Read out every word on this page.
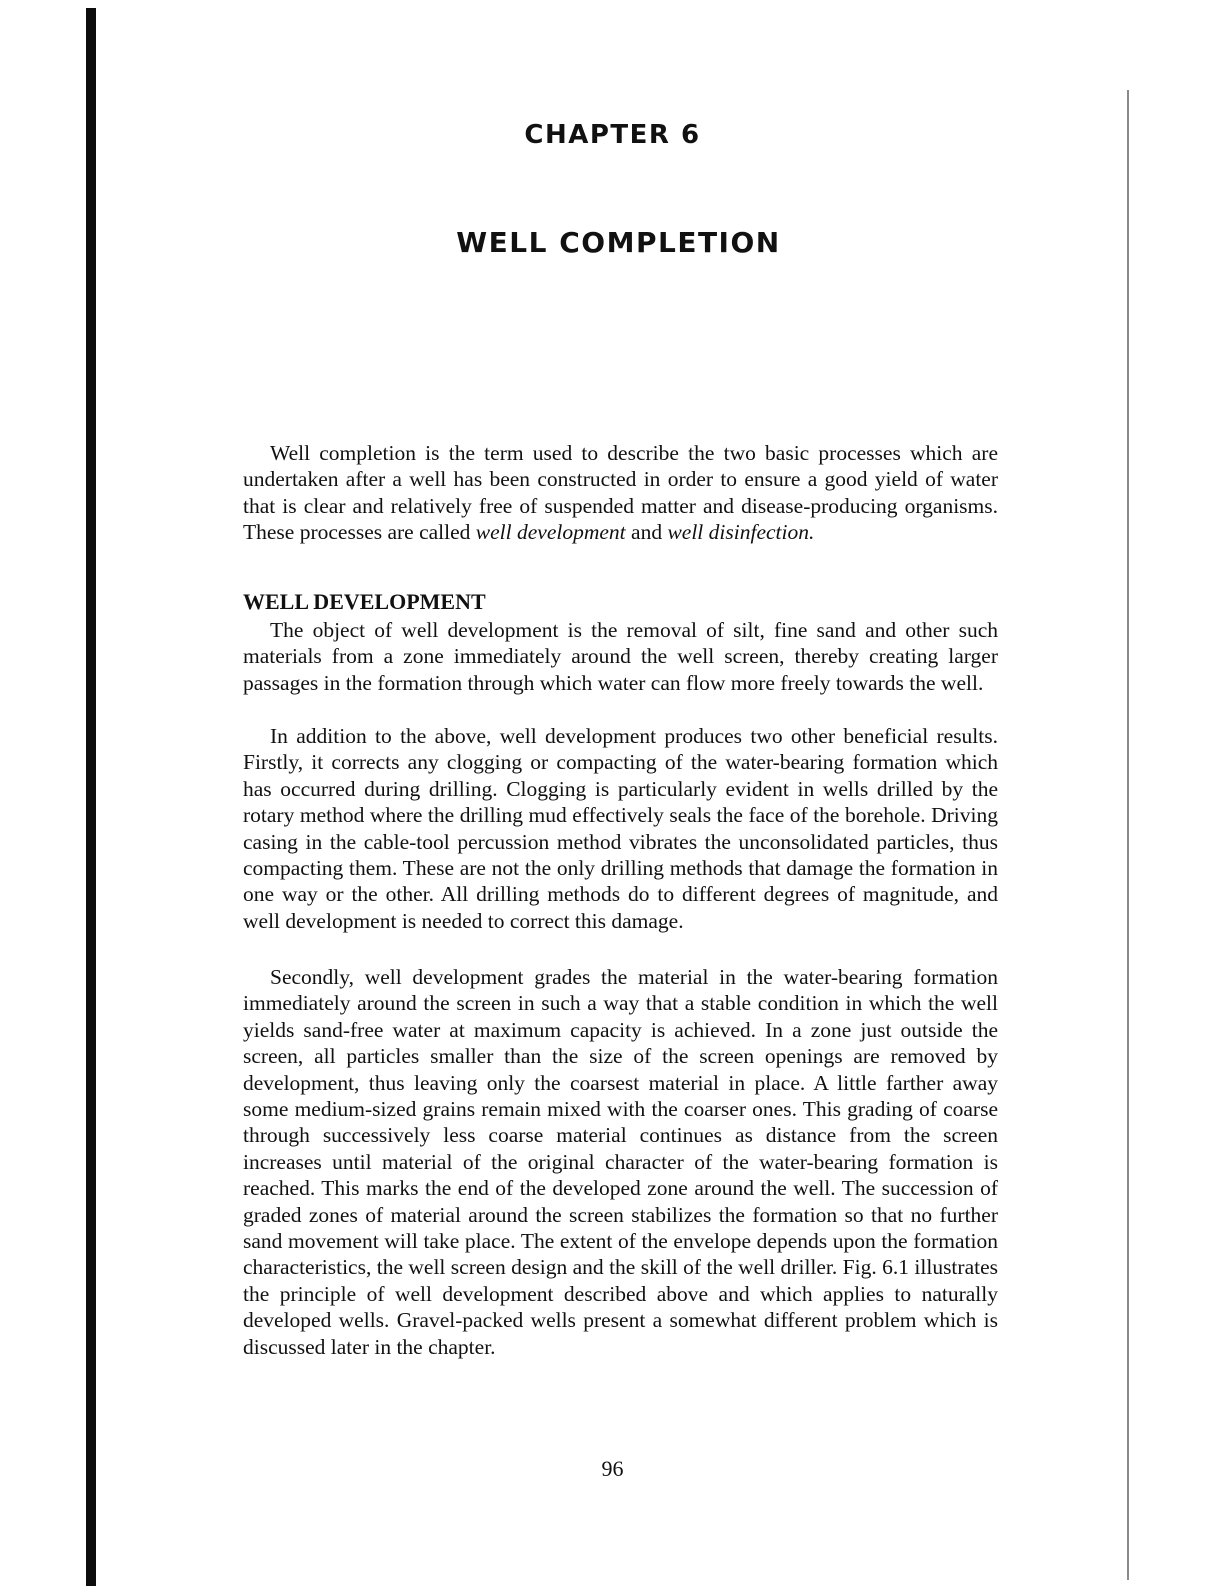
CHAPTER 6
WELL COMPLETION

Well completion is the term used to describe the two basic processes which are undertaken after a well has been constructed in order to ensure a good yield of water that is clear and relatively free of suspended matter and disease-producing organisms. These processes are called well development and well disinfection.

WELL DEVELOPMENT

The object of well development is the removal of silt, fine sand and other such materials from a zone immediately around the well screen, thereby creating larger passages in the formation through which water can flow more freely towards the well.

In addition to the above, well development produces two other beneficial results. Firstly, it corrects any clogging or compacting of the water-bearing formation which has occurred during drilling. Clogging is particularly evident in wells drilled by the rotary method where the drilling mud effectively seals the face of the borehole. Driving casing in the cable-tool percussion method vibrates the unconsolidated particles, thus compacting them. These are not the only drilling methods that damage the formation in one way or the other. All drilling methods do to different degrees of magnitude, and well development is needed to correct this damage.

Secondly, well development grades the material in the water-bearing formation immediately around the screen in such a way that a stable condition in which the well yields sand-free water at maximum capacity is achieved. In a zone just outside the screen, all particles smaller than the size of the screen openings are removed by development, thus leaving only the coarsest material in place. A little farther away some medium-sized grains remain mixed with the coarser ones. This grading of coarse through successively less coarse material continues as distance from the screen increases until material of the original character of the water-bearing formation is reached. This marks the end of the developed zone around the well. The succession of graded zones of material around the screen stabilizes the formation so that no further sand movement will take place. The extent of the envelope depends upon the formation characteristics, the well screen design and the skill of the well driller. Fig. 6.1 illustrates the principle of well development described above and which applies to naturally developed wells. Gravel-packed wells present a somewhat different problem which is discussed later in the chapter.

96
